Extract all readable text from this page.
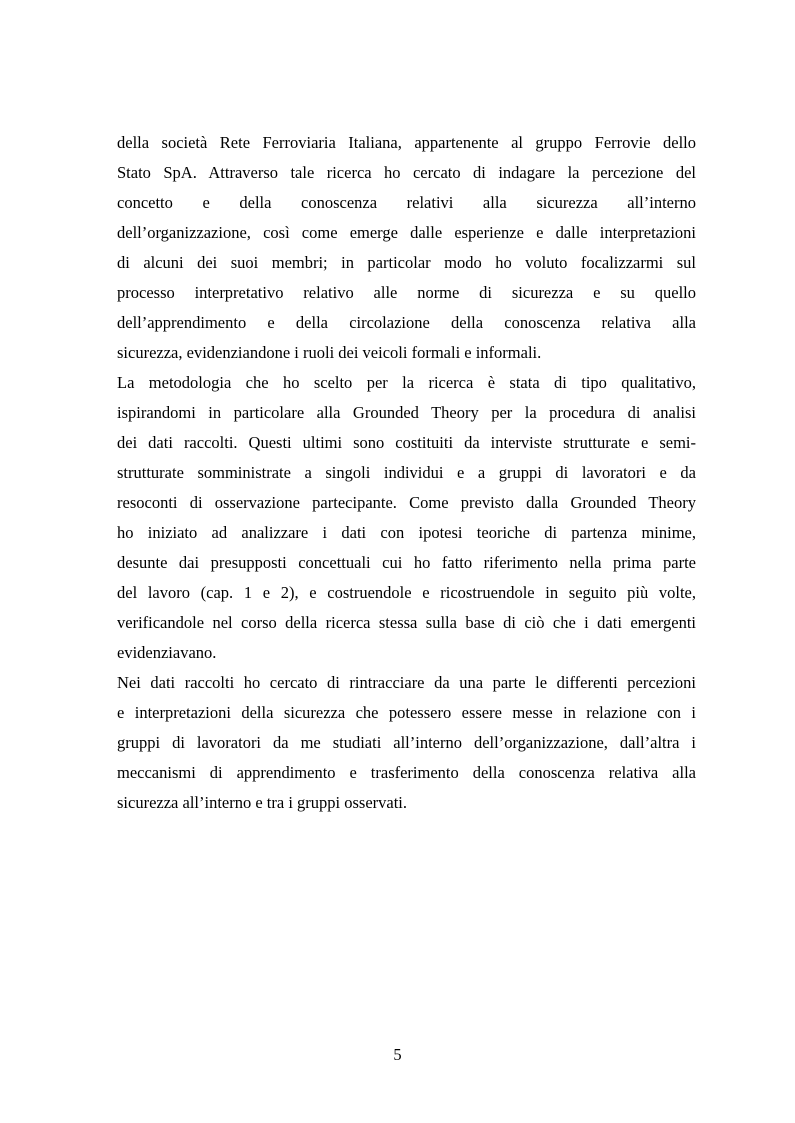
della società Rete Ferroviaria Italiana, appartenente al gruppo Ferrovie dello
Stato SpA. Attraverso tale ricerca ho cercato di indagare la percezione del
concetto e della conoscenza relativi alla sicurezza all’interno
dell’organizzazione, così come emerge dalle esperienze e dalle interpretazioni
di alcuni dei suoi membri; in particolar modo ho voluto focalizzarmi sul
processo interpretativo relativo alle norme di sicurezza e su quello
dell’apprendimento e della circolazione della conoscenza relativa alla
sicurezza, evidenziandone i ruoli dei veicoli formali e informali.
La metodologia che ho scelto per la ricerca è stata di tipo qualitativo,
ispirandomi in particolare alla Grounded Theory per la procedura di analisi
dei dati raccolti. Questi ultimi sono costituiti da interviste strutturate e semi-
strutturate somministrate a singoli individui e a gruppi di lavoratori e da
resoconti di osservazione partecipante. Come previsto dalla Grounded Theory
ho iniziato ad analizzare i dati con ipotesi teoriche di partenza minime,
desunte dai presupposti concettuali cui ho fatto riferimento nella prima parte
del lavoro (cap. 1 e 2), e costruendole e ricostruendole in seguito più volte,
verificandole nel corso della ricerca stessa sulla base di ciò che i dati emergenti
evidenziavano.
Nei dati raccolti ho cercato di rintracciare da una parte le differenti percezioni
e interpretazioni della sicurezza che potessero essere messe in relazione con i
gruppi di lavoratori da me studiati all’interno dell’organizzazione, dall’altra i
meccanismi di apprendimento e trasferimento della conoscenza relativa alla
sicurezza all’interno e tra i gruppi osservati.
5
